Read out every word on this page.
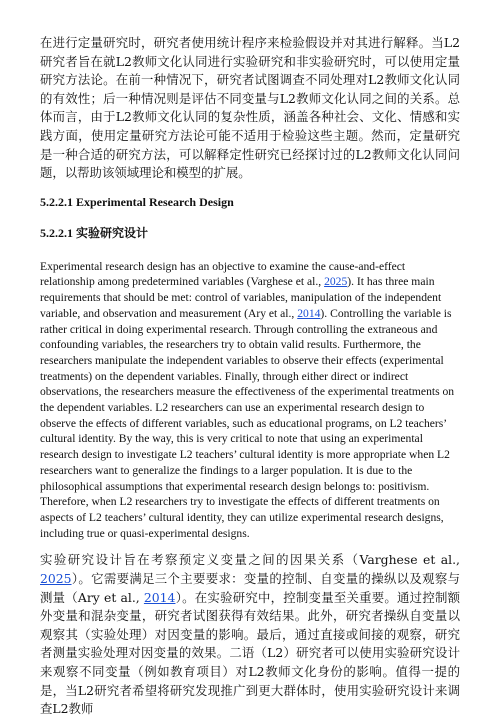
在进行定量研究时，研究者使用统计程序来检验假设并对其进行解释。当L2研究者旨在就L2教师文化认同进行实验研究和非实验研究时，可以使用定量研究方法论。在前一种情况下，研究者试图调查不同处理对L2教师文化认同的有效性；后一种情况则是评估不同变量与L2教师文化认同之间的关系。总体而言，由于L2教师文化认同的复杂性质，涵盖各种社会、文化、情感和实践方面，使用定量研究方法论可能不适用于检验这些主题。然而，定量研究是一种合适的研究方法，可以解释定性研究已经探讨过的L2教师文化认同问题，以帮助该领域理论和模型的扩展。

5.2.2.1 Experimental Research Design

5.2.2.1 实验研究设计

Experimental research design has an objective to examine the cause-and-effect relationship among predetermined variables (Varghese et al., 2025). It has three main requirements that should be met: control of variables, manipulation of the independent variable, and observation and measurement (Ary et al., 2014). Controlling the variable is rather critical in doing experimental research. Through controlling the extraneous and confounding variables, the researchers try to obtain valid results. Furthermore, the researchers manipulate the independent variables to observe their effects (experimental treatments) on the dependent variables. Finally, through either direct or indirect observations, the researchers measure the effectiveness of the experimental treatments on the dependent variables. L2 researchers can use an experimental research design to observe the effects of different variables, such as educational programs, on L2 teachers’ cultural identity. By the way, this is very critical to note that using an experimental research design to investigate L2 teachers’ cultural identity is more appropriate when L2 researchers want to generalize the findings to a larger population. It is due to the philosophical assumptions that experimental research design belongs to: positivism. Therefore, when L2 researchers try to investigate the effects of different treatments on aspects of L2 teachers’ cultural identity, they can utilize experimental research designs, including true or quasi-experimental designs.

实验研究设计旨在考察预定义变量之间的因果关系（Varghese et al., 2025）。它需要满足三个主要要求：变量的控制、自变量的操纵以及观察与测量（Ary et al., 2014）。在实验研究中，控制变量至关重要。通过控制额外变量和混杂变量，研究者试图获得有效结果。此外，研究者操纵自变量以观察其（实验处理）对因变量的影响。最后，通过直接或间接的观察，研究者测量实验处理对因变量的效果。二语（L2）研究者可以使用实验研究设计来观察不同变量（例如教育项目）对L2教师文化身份的影响。值得一提的是，当L2研究者希望将研究发现推广到更大群体时，使用实验研究设计来调查L2教师
